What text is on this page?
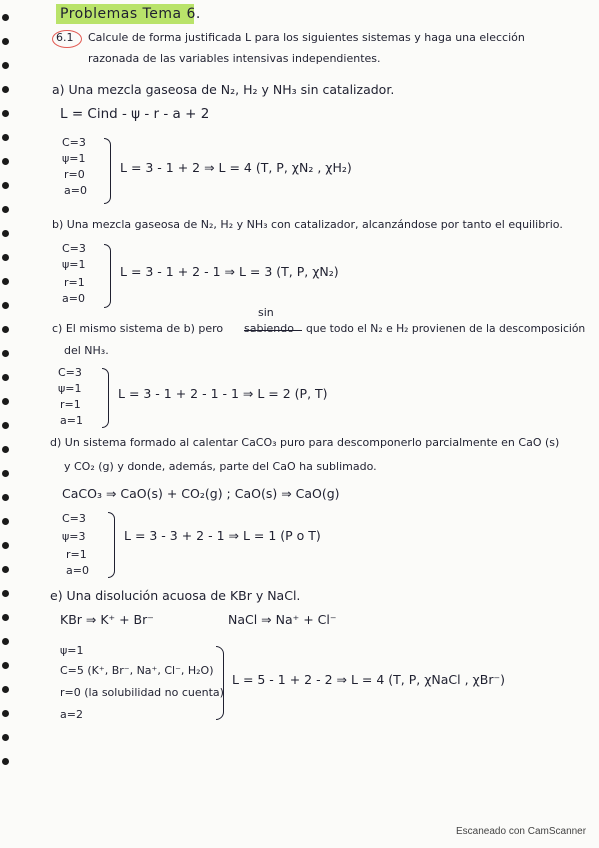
Problemas Tema 6.
6.1 Calcule de forma justificada L para los siguientes sistemas y haga una elección
razonada de las variables intensivas independientes.
a) Una mezcla gaseosa de N₂, H₂ y NH₃ sin catalizador.
L = Cind - ψ - r - a + 2
C=3
ψ=1
r=0
a=0
L = 3 - 1 + 2 ⇒ L = 4 (T, P, χN₂ , χH₂)
b) Una mezcla gaseosa de N₂, H₂ y NH₃ con catalizador, alcanzándose por tanto el equilibrio.
C=3
ψ=1
r=1
a=0
L = 3 - 1 + 2 - 1 ⇒ L = 3 (T, P, χN₂)
sin
c) El mismo sistema de b) pero sabiendo que todo el N₂ e H₂ provienen de la descomposición
del NH₃.
C=3
ψ=1
r=1
a=1
L = 3 - 1 + 2 - 1 - 1 ⇒ L = 2 (P, T)
d) Un sistema formado al calentar CaCO₃ puro para descomponerlo parcialmente en CaO (s)
y CO₂ (g) y donde, además, parte del CaO ha sublimado.
CaCO₃ ⇒ CaO(s) + CO₂(g) ; CaO(s) ⇒ CaO(g)
C=3
ψ=3
r=1
a=0
L = 3 - 3 + 2 - 1 ⇒ L = 1 (P o T)
e) Una disolución acuosa de KBr y NaCl.
KBr ⇒ K⁺ + Br⁻	NaCl ⇒ Na⁺ + Cl⁻
ψ=1
C=5 (K⁺, Br⁻, Na⁺, Cl⁻, H₂O)
r=0 (la solubilidad no cuenta)
a=2
L = 5 - 1 + 2 - 2 ⇒ L = 4 (T, P, χNaCl , χBr⁻)
Escaneado con CamScanner
